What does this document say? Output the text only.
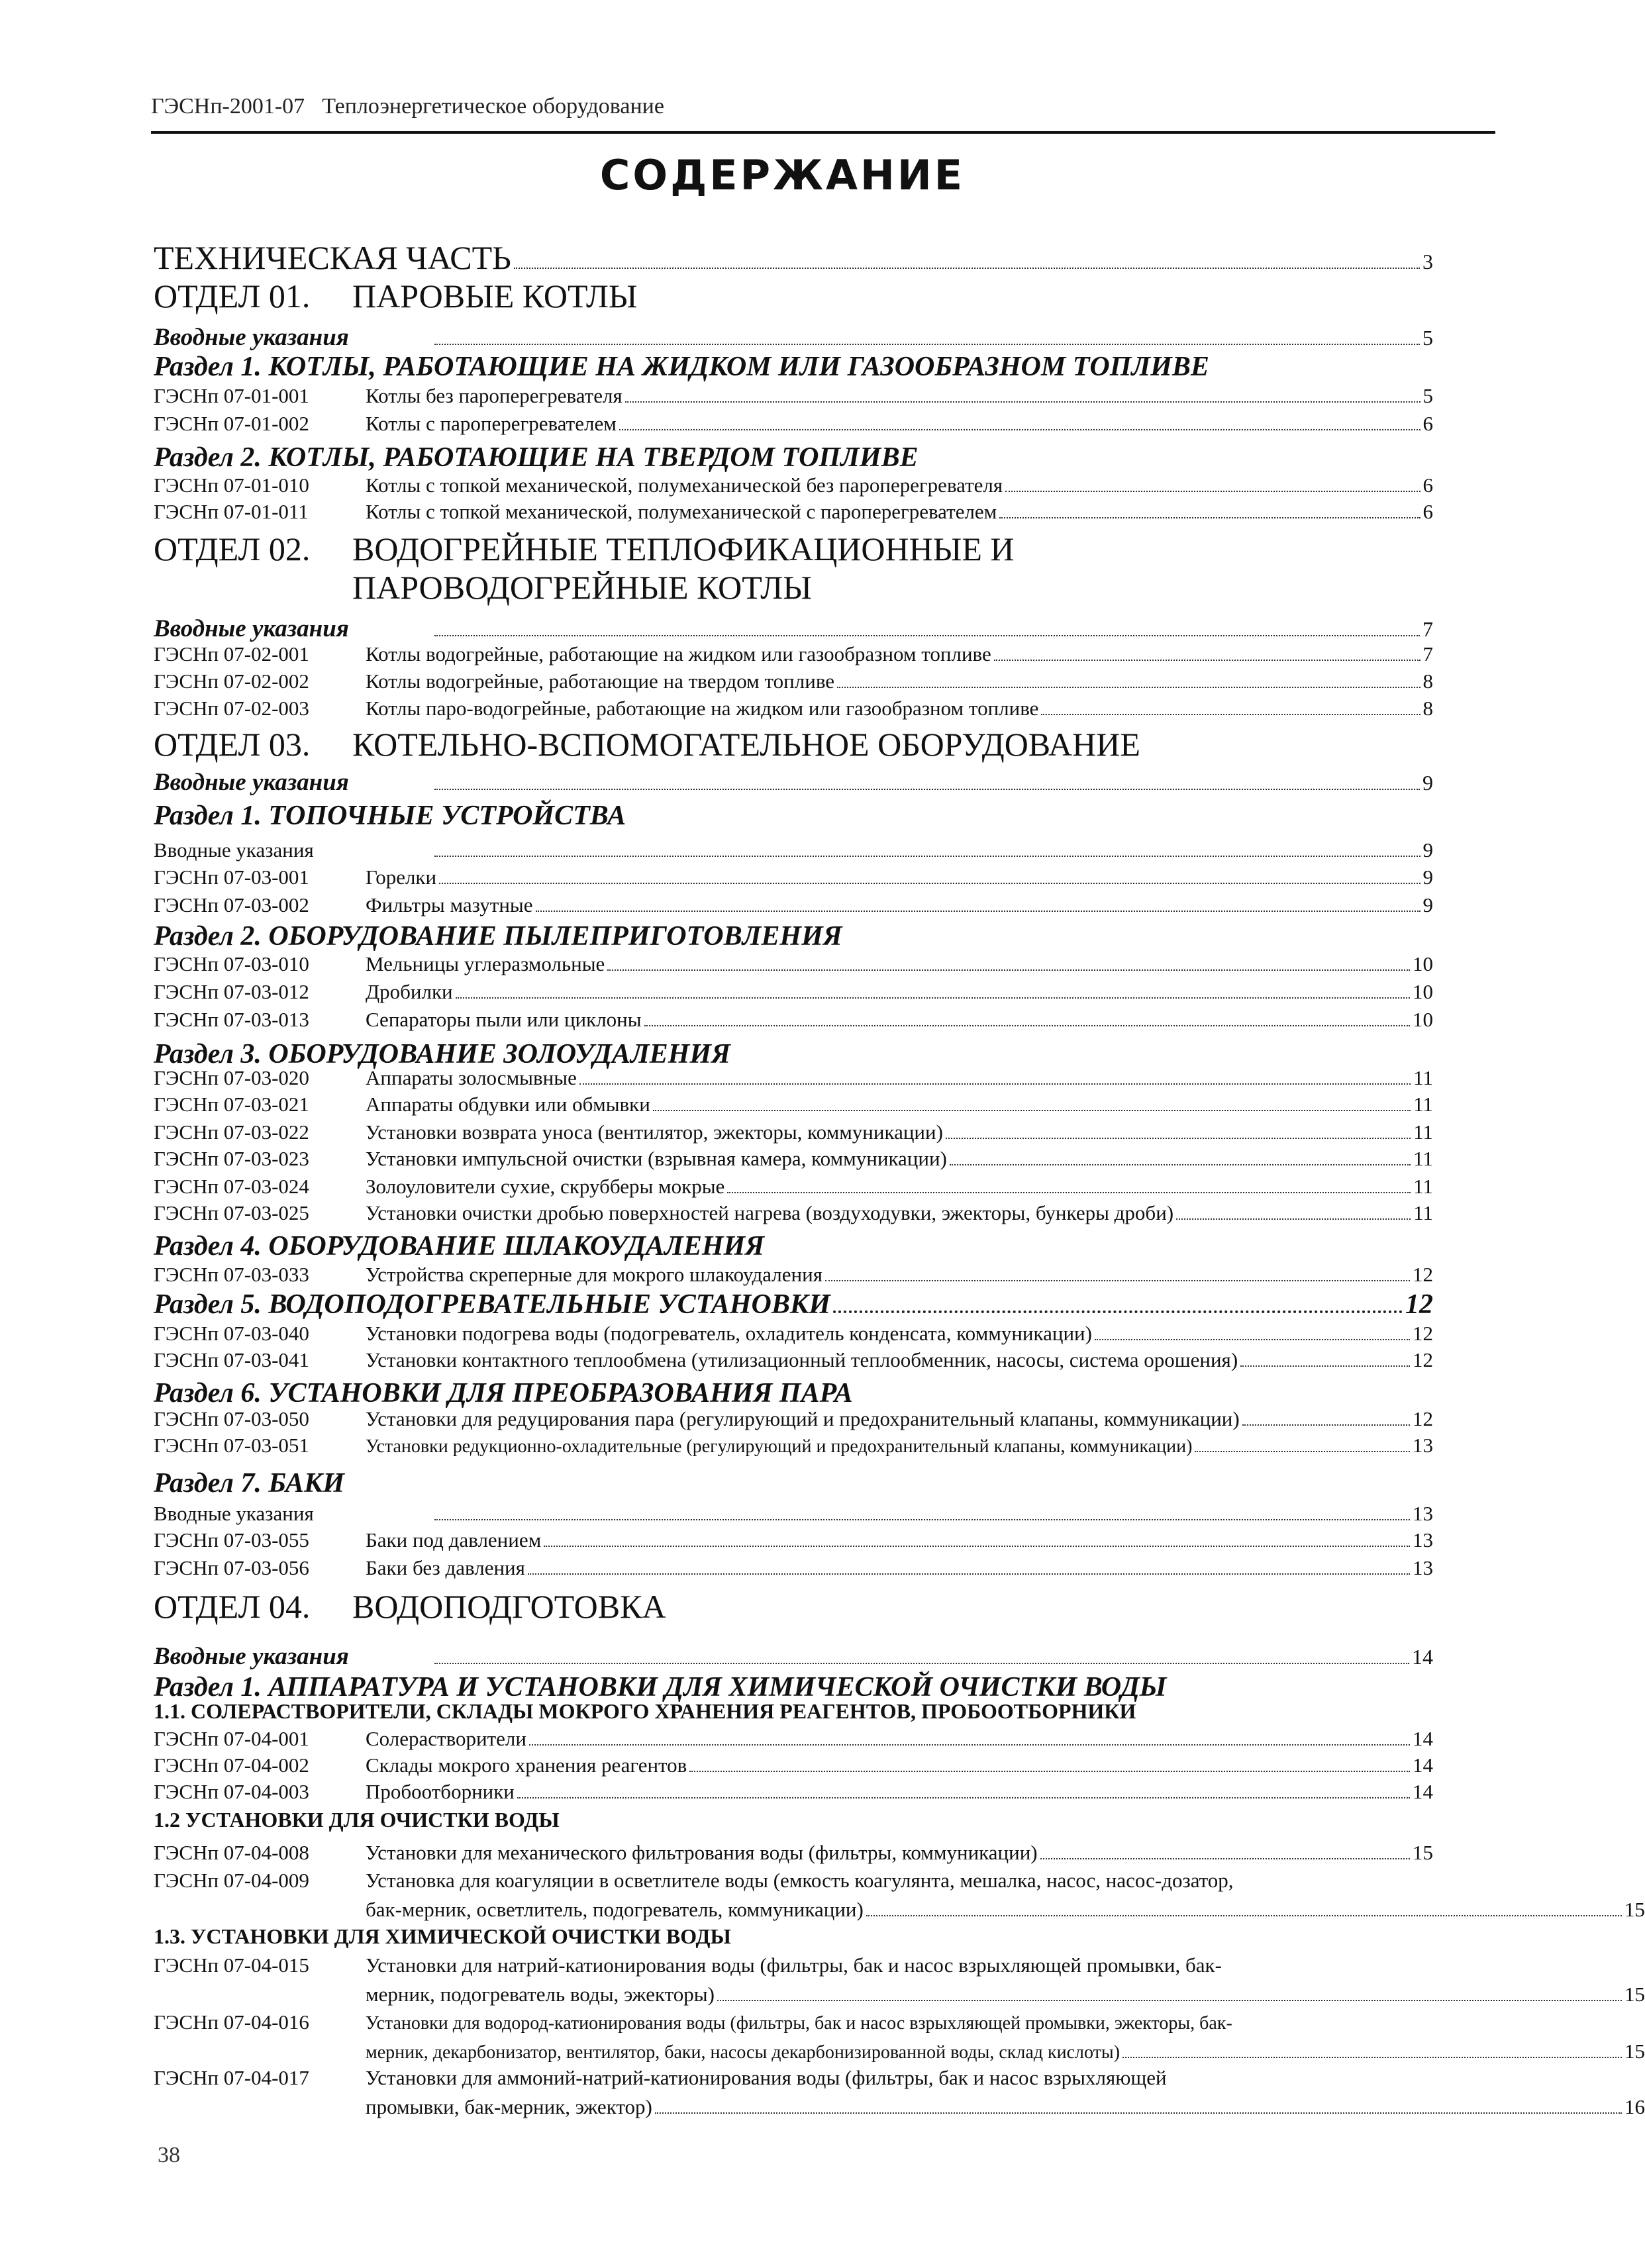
ГЭСНп-2001-07 Теплоэнергетическое оборудование
СОДЕРЖАНИЕ
ТЕХНИЧЕСКАЯ ЧАСТЬ	3
ОТДЕЛ 01.	ПАРОВЫЕ КОТЛЫ
Вводные указания	5
Раздел 1. КОТЛЫ, РАБОТАЮЩИЕ НА ЖИДКОМ ИЛИ ГАЗООБРАЗНОМ ТОПЛИВЕ
ГЭСНп 07-01-001	Котлы без пароперегревателя	5
ГЭСНп 07-01-002	Котлы с пароперегревателем	6
Раздел 2. КОТЛЫ, РАБОТАЮЩИЕ НА ТВЕРДОМ ТОПЛИВЕ
ГЭСНп 07-01-010	Котлы с топкой механической, полумеханической без пароперегревателя	6
ГЭСНп 07-01-011	Котлы с топкой механической, полумеханической с пароперегревателем	6
ОТДЕЛ 02.	ВОДОГРЕЙНЫЕ ТЕПЛОФИКАЦИОННЫЕ И
ПАРОВОДОГРЕЙНЫЕ КОТЛЫ
Вводные указания	7
ГЭСНп 07-02-001	Котлы водогрейные, работающие на жидком или газообразном топливе	7
ГЭСНп 07-02-002	Котлы водогрейные, работающие на твердом топливе	8
ГЭСНп 07-02-003	Котлы паро-водогрейные, работающие на жидком или газообразном топливе	8
ОТДЕЛ 03.	КОТЕЛЬНО-ВСПОМОГАТЕЛЬНОЕ ОБОРУДОВАНИЕ
Вводные указания	9
Раздел 1. ТОПОЧНЫЕ УСТРОЙСТВА
Вводные указания	9
ГЭСНп 07-03-001	Горелки	9
ГЭСНп 07-03-002	Фильтры мазутные	9
Раздел 2. ОБОРУДОВАНИЕ ПЫЛЕПРИГОТОВЛЕНИЯ
ГЭСНп 07-03-010	Мельницы углеразмольные	10
ГЭСНп 07-03-012	Дробилки	10
ГЭСНп 07-03-013	Сепараторы пыли или циклоны	10
Раздел 3. ОБОРУДОВАНИЕ ЗОЛОУДАЛЕНИЯ
ГЭСНп 07-03-020	Аппараты золосмывные	11
ГЭСНп 07-03-021	Аппараты обдувки или обмывки	11
ГЭСНп 07-03-022	Установки возврата уноса (вентилятор, эжекторы, коммуникации)	11
ГЭСНп 07-03-023	Установки импульсной очистки (взрывная камера, коммуникации)	11
ГЭСНп 07-03-024	Золоуловители сухие, скрубберы мокрые	11
ГЭСНп 07-03-025	Установки очистки дробью поверхностей нагрева (воздуходувки, эжекторы, бункеры дроби)	11
Раздел 4. ОБОРУДОВАНИЕ ШЛАКОУДАЛЕНИЯ
ГЭСНп 07-03-033	Устройства скреперные для мокрого шлакоудаления	12
Раздел 5. ВОДОПОДОГРЕВАТЕЛЬНЫЕ УСТАНОВКИ	12
ГЭСНп 07-03-040	Установки подогрева воды (подогреватель, охладитель конденсата, коммуникации)	12
ГЭСНп 07-03-041	Установки контактного теплообмена (утилизационный теплообменник, насосы, система орошения)	12
Раздел 6. УСТАНОВКИ ДЛЯ ПРЕОБРАЗОВАНИЯ ПАРА
ГЭСНп 07-03-050	Установки для редуцирования пара (регулирующий и предохранительный клапаны, коммуникации)	12
ГЭСНп 07-03-051	Установки редукционно-охладительные (регулирующий и предохранительный клапаны, коммуникации)	13
Раздел 7. БАКИ
Вводные указания	13
ГЭСНп 07-03-055	Баки под давлением	13
ГЭСНп 07-03-056	Баки без давления	13
ОТДЕЛ 04.	ВОДОПОДГОТОВКА
Вводные указания	14
Раздел 1. АППАРАТУРА И УСТАНОВКИ ДЛЯ ХИМИЧЕСКОЙ ОЧИСТКИ ВОДЫ
1.1. СОЛЕРАСТВОРИТЕЛИ, СКЛАДЫ МОКРОГО ХРАНЕНИЯ РЕАГЕНТОВ, ПРОБООТБОРНИКИ
ГЭСНп 07-04-001	Солерастворители	14
ГЭСНп 07-04-002	Склады мокрого хранения реагентов	14
ГЭСНп 07-04-003	Пробоотборники	14
1.2 УСТАНОВКИ ДЛЯ ОЧИСТКИ ВОДЫ
ГЭСНп 07-04-008	Установки для механического фильтрования воды (фильтры, коммуникации)	15
ГЭСНп 07-04-009	Установка для коагуляции в осветлителе воды (емкость коагулянта, мешалка, насос, насос-дозатор,
бак-мерник, осветлитель, подогреватель, коммуникации)	15
1.3. УСТАНОВКИ ДЛЯ ХИМИЧЕСКОЙ ОЧИСТКИ ВОДЫ
ГЭСНп 07-04-015	Установки для натрий-катионирования воды (фильтры, бак и насос взрыхляющей промывки, бак-
мерник, подогреватель воды, эжекторы)	15
ГЭСНп 07-04-016	Установки для водород-катионирования воды (фильтры, бак и насос взрыхляющей промывки, эжекторы, бак-
мерник, декарбонизатор, вентилятор, баки, насосы декарбонизированной воды, склад кислоты)	15
ГЭСНп 07-04-017	Установки для аммоний-натрий-катионирования воды (фильтры, бак и насос взрыхляющей
промывки, бак-мерник, эжектор)	16
38
